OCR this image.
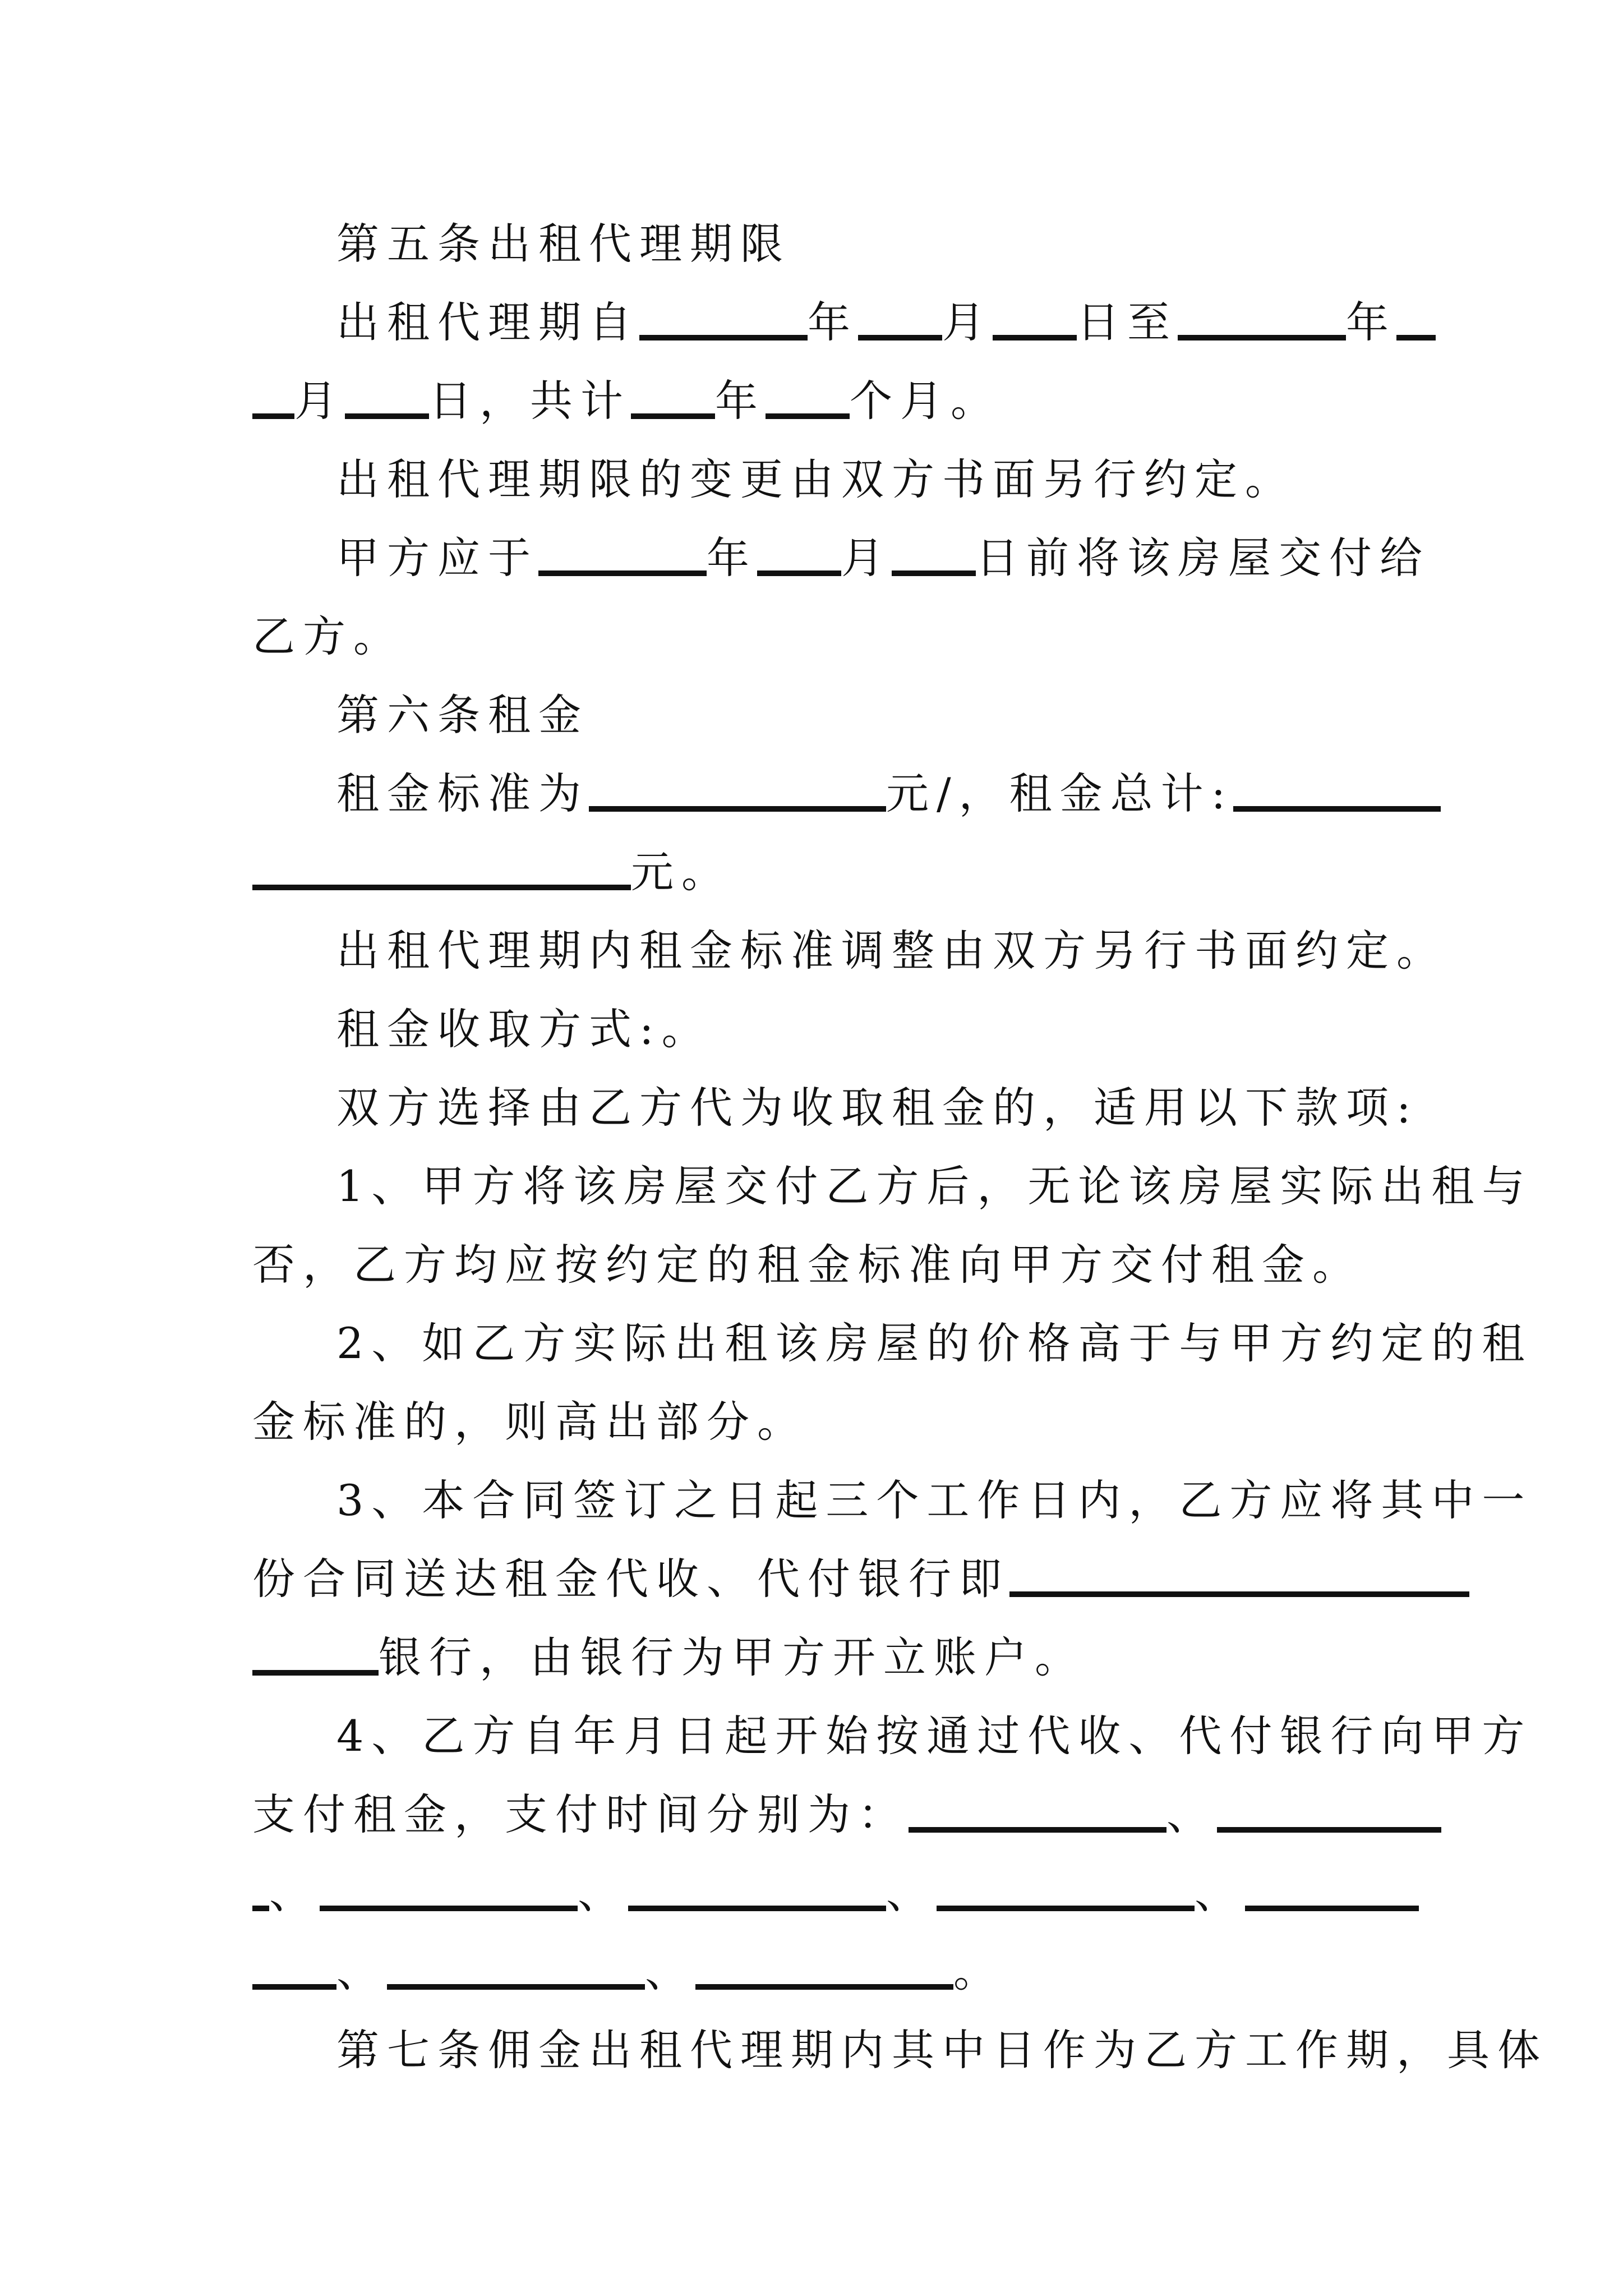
第五条出租代理期限
出租代理期自	年 月 日至	年
月 日，共计 年 个月。
出租代理期限的变更由双方书面另行约定。
甲方应于	年 月 日前将该房屋交付给
乙方。
第六条租金
租金标准为	元/，租金总计:
元。
出租代理期内租金标准调整由双方另行书面约定。
租金收取方式:。
双方选择由乙方代为收取租金的，适用以下款项:
1、甲方将该房屋交付乙方后，无论该房屋实际出租与
否，乙方均应按约定的租金标准向甲方交付租金。
2、如乙方实际出租该房屋的价格高于与甲方约定的租
金标准的，则高出部分。
3、本合同签订之日起三个工作日内，乙方应将其中一
份合同送达租金代收、代付银行即
银行，由银行为甲方开立账户。
4、乙方自年月日起开始按通过代收、代付银行向甲方
支付租金，支付时间分别为：	、
、	、	、	、
、	、	。
第七条佣金出租代理期内其中日作为乙方工作期，具体
